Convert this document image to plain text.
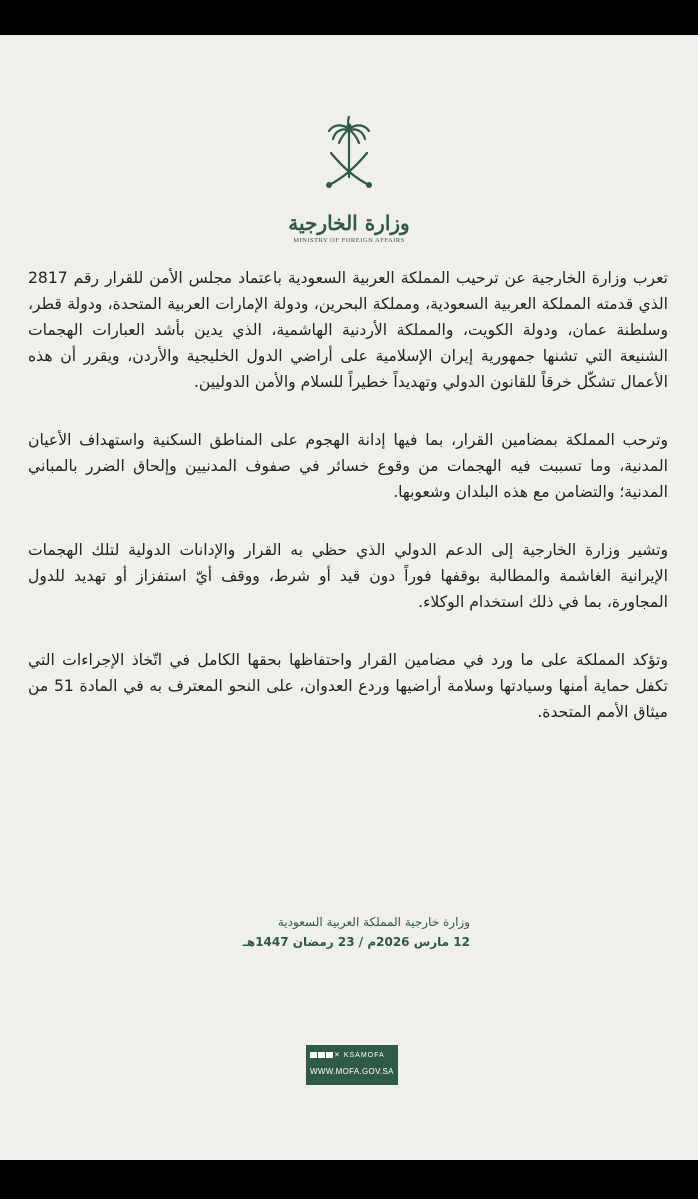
وزارة الخارجية
MINISTRY OF FOREIGN AFFAIRS

تعرب وزارة الخارجية عن ترحيب المملكة العربية السعودية باعتماد مجلس الأمن للقرار رقم 2817 الذي قدمته المملكة العربية السعودية، ومملكة البحرين، ودولة الإمارات العربية المتحدة، ودولة قطر، وسلطنة عمان، ودولة الكويت، والمملكة الأردنية الهاشمية، الذي يدين بأشد العبارات الهجمات الشنيعة التي تشنها جمهورية إيران الإسلامية على أراضي الدول الخليجية والأردن، ويقرر أن هذه الأعمال تشكّل خرقاً للقانون الدولي وتهديداً خطيراً للسلام والأمن الدوليين.

وترحب المملكة بمضامين القرار، بما فيها إدانة الهجوم على المناطق السكنية واستهداف الأعيان المدنية، وما تسببت فيه الهجمات من وقوع خسائر في صفوف المدنيين وإلحاق الضرر بالمباني المدنية؛ والتضامن مع هذه البلدان وشعوبها.

وتشير وزارة الخارجية إلى الدعم الدولي الذي حظي به القرار والإدانات الدولية لتلك الهجمات الإيرانية الغاشمة والمطالبة بوقفها فوراً دون قيد أو شرط، ووقف أيّ استفزاز أو تهديد للدول المجاورة، بما في ذلك استخدام الوكلاء.

وتؤكد المملكة على ما ورد في مضامين القرار واحتفاظها بحقها الكامل في اتّخاذ الإجراءات التي تكفل حماية أمنها وسيادتها وسلامة أراضيها وردع العدوان، على النحو المعترف به في المادة 51 من ميثاق الأمم المتحدة.

وزارة خارجية المملكة العربية السعودية
12 مارس 2026م / 23 رمضان 1447هـ
✕ KSAMOFA
WWW.MOFA.GOV.SA
